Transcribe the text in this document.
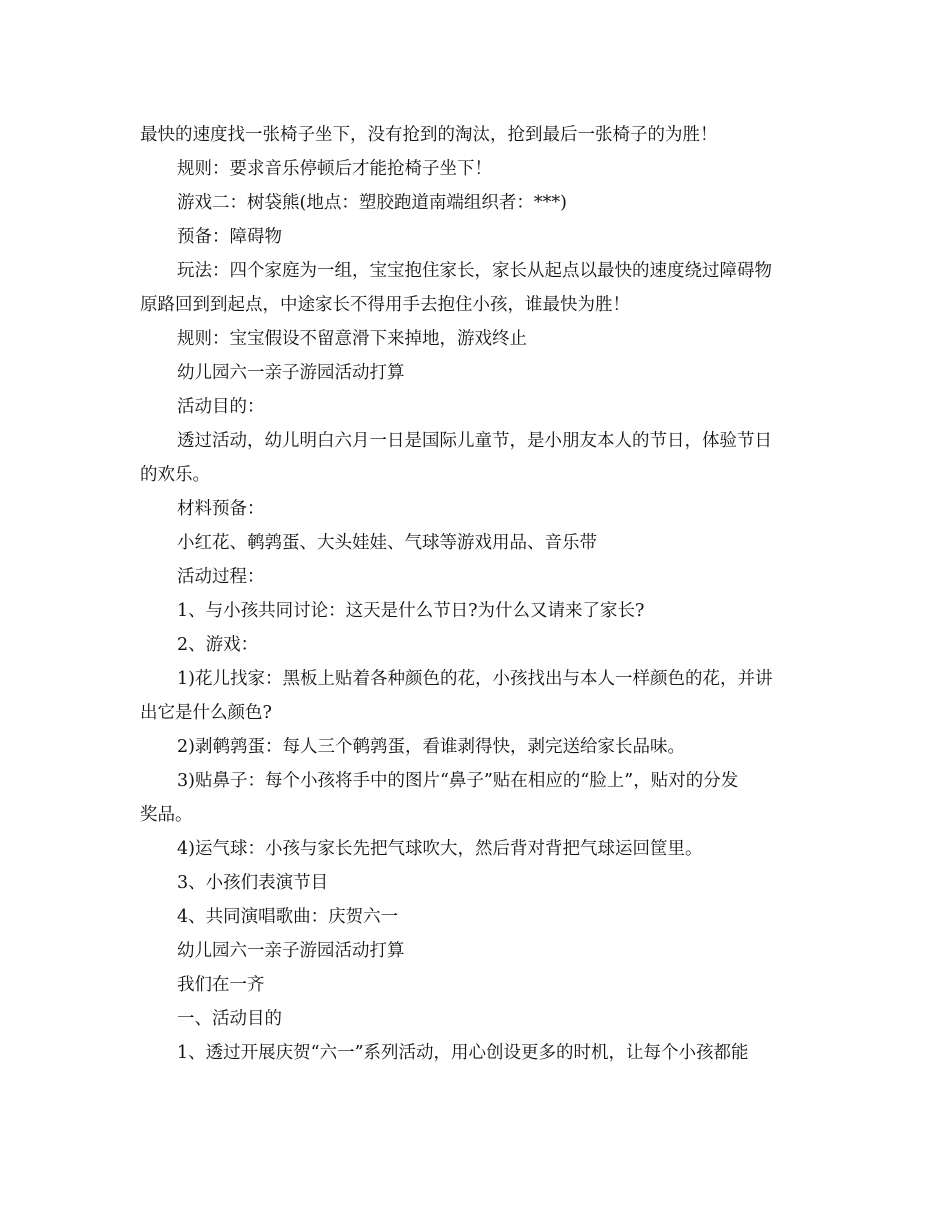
最快的速度找一张椅子坐下，没有抢到的淘汰，抢到最后一张椅子的为胜！
规则：要求音乐停顿后才能抢椅子坐下！
游戏二：树袋熊(地点：塑胶跑道南端组织者：***)
预备：障碍物
玩法：四个家庭为一组，宝宝抱住家长，家长从起点以最快的速度绕过障碍物
原路回到到起点，中途家长不得用手去抱住小孩，谁最快为胜！
规则：宝宝假设不留意滑下来掉地，游戏终止
幼儿园六一亲子游园活动打算
活动目的：
透过活动，幼儿明白六月一日是国际儿童节，是小朋友本人的节日，体验节日
的欢乐。
材料预备：
小红花、鹌鹑蛋、大头娃娃、气球等游戏用品、音乐带
活动过程：
1、与小孩共同讨论：这天是什么节日?为什么又请来了家长?
2、游戏：
1)花儿找家：黑板上贴着各种颜色的花，小孩找出与本人一样颜色的花，并讲
出它是什么颜色?
2)剥鹌鹑蛋：每人三个鹌鹑蛋，看谁剥得快，剥完送给家长品味。
3)贴鼻子：每个小孩将手中的图片“鼻子”贴在相应的“脸上”，贴对的分发
奖品。
4)运气球：小孩与家长先把气球吹大，然后背对背把气球运回筐里。
3、小孩们表演节目
4、共同演唱歌曲：庆贺六一
幼儿园六一亲子游园活动打算
我们在一齐
一、活动目的
1、透过开展庆贺“六一”系列活动，用心创设更多的时机，让每个小孩都能
